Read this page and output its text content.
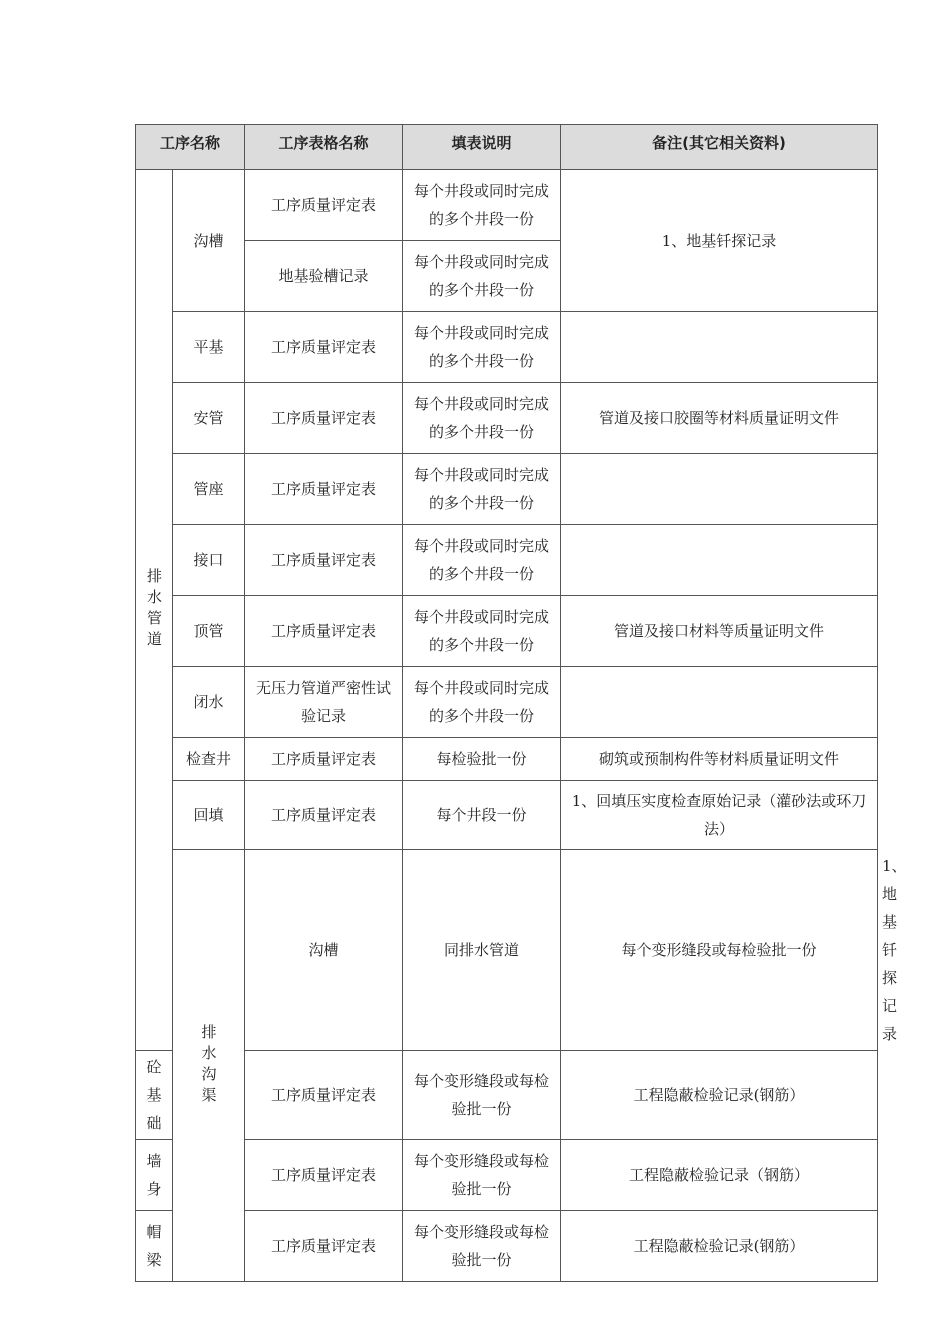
工序名称		工序表格名称	填表说明	备注(其它相关资料)	

排水管道	沟槽	工序质量评定表	每个井段或同时完成的多个井段一份	1、地基钎探记录	
		地基验槽记录	每个井段或同时完成的多个井段一份		
	平基	工序质量评定表	每个井段或同时完成的多个井段一份		
	安管	工序质量评定表	每个井段或同时完成的多个井段一份	管道及接口胶圈等材料质量证明文件	
	管座	工序质量评定表	每个井段或同时完成的多个井段一份		
	接口	工序质量评定表	每个井段或同时完成的多个井段一份		
	顶管	工序质量评定表	每个井段或同时完成的多个井段一份	管道及接口材料等质量证明文件	
	闭水	无压力管道严密性试验记录	每个井段或同时完成的多个井段一份		
	检查井	工序质量评定表	每检验批一份	砌筑或预制构件等材料质量证明文件	
	回填	工序质量评定表	每个井段一份	1、回填压实度检查原始记录（灌砂法或环刀法）	

	排水沟渠	沟槽	同排水管道	每个变形缝段或每检验批一份	1、地基钎探记录
砼基础		工序质量评定表	每个变形缝段或每检验批一份	工程隐蔽检验记录(钢筋）	
墙身		工序质量评定表	每个变形缝段或每检验批一份	工程隐蔽检验记录（钢筋）	
帽梁		工序质量评定表	每个变形缝段或每检验批一份	工程隐蔽检验记录(钢筋）	
